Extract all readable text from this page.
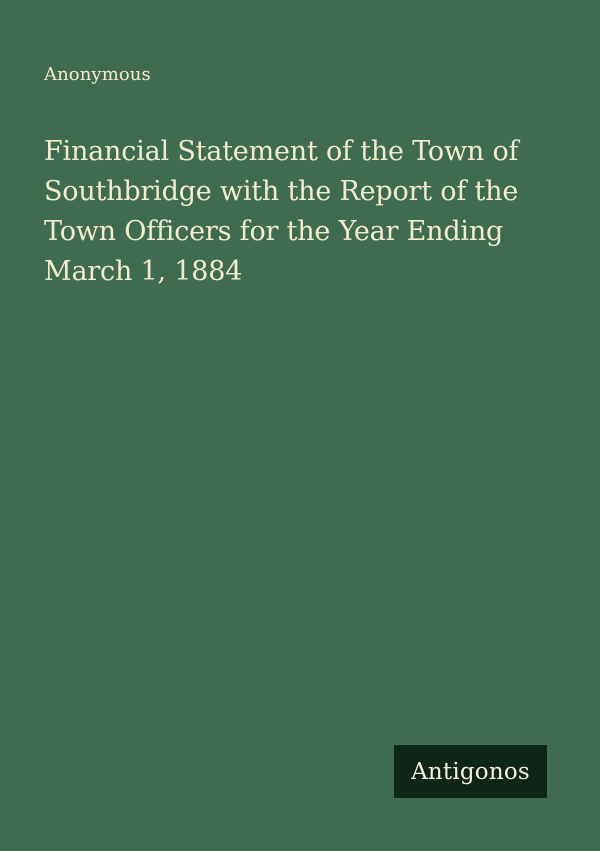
Anonymous

Financial Statement of the Town of Southbridge with the Report of the Town Officers for the Year Ending March 1, 1884
Antigonos
